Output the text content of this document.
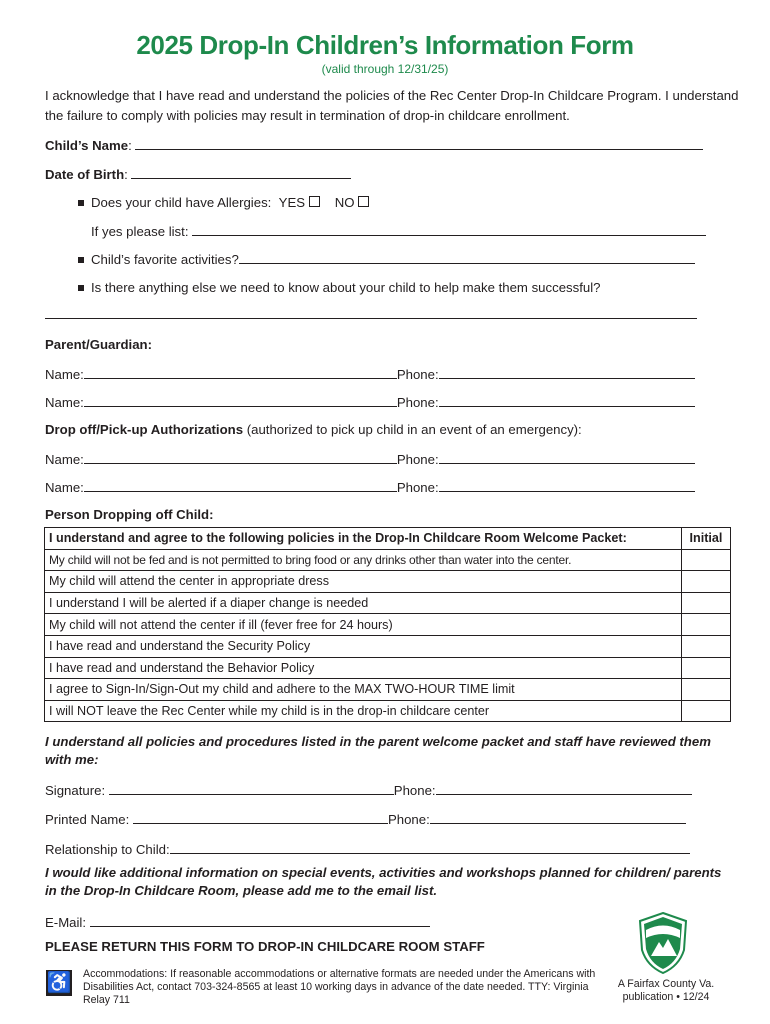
2025 Drop-In Children’s Information Form
(valid through 12/31/25)
I acknowledge that I have read and understand the policies of the Rec Center Drop-In Childcare Program. I understand the failure to comply with policies may result in termination of drop-in childcare enrollment.
Child’s Name:
Date of Birth:
Does your child have Allergies: YES NO
If yes please list:
Child’s favorite activities?
Is there anything else we need to know about your child to help make them successful?
Parent/Guardian:
Name:	Phone:
Name:	Phone:
Drop off/Pick-up Authorizations (authorized to pick up child in an event of an emergency):
Name:	Phone:
Name:	Phone:
Person Dropping off Child:
I understand and agree to the following policies in the Drop-In Childcare Room Welcome Packet:	Initial
My child will not be fed and is not permitted to bring food or any drinks other than water into the center.	
My child will attend the center in appropriate dress	
I understand I will be alerted if a diaper change is needed	
My child will not attend the center if ill (fever free for 24 hours)	
I have read and understand the Security Policy	
I have read and understand the Behavior Policy	
I agree to Sign-In/Sign-Out my child and adhere to the MAX TWO-HOUR TIME limit	
I will NOT leave the Rec Center while my child is in the drop-in childcare center	
I understand all policies and procedures listed in the parent welcome packet and staff have reviewed them with me:
Signature:	Phone:
Printed Name:	Phone:
Relationship to Child:
I would like additional information on special events, activities and workshops planned for children/ parents in the Drop-In Childcare Room, please add me to the email list.
E-Mail:
PLEASE RETURN THIS FORM TO DROP-IN CHILDCARE ROOM STAFF
♿ Accommodations: If reasonable accommodations or alternative formats are needed under the Americans with Disabilities Act, contact 703-324-8565 at least 10 working days in advance of the date needed. TTY: Virginia Relay 711
A Fairfax County Va.
publication • 12/24
